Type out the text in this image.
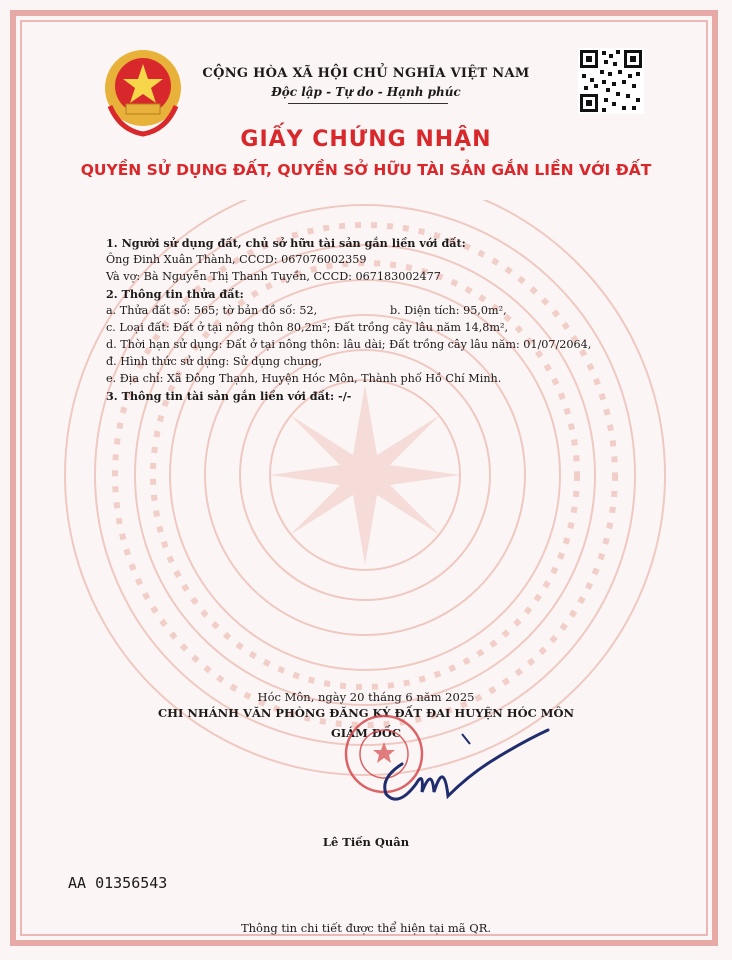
CỘNG HÒA XÃ HỘI CHỦ NGHĨA VIỆT NAM
Độc lập - Tự do - Hạnh phúc
GIẤY CHỨNG NHẬN
QUYỀN SỬ DỤNG ĐẤT, QUYỀN SỞ HỮU TÀI SẢN GẮN LIỀN VỚI ĐẤT
1. Người sử dụng đất, chủ sở hữu tài sản gắn liền với đất:
Ông Đinh Xuân Thành, CCCD: 067076002359
Và vợ: Bà Nguyễn Thị Thanh Tuyền, CCCD: 067183002477
2. Thông tin thửa đất:
a. Thửa đất số: 565; tờ bản đồ số: 52,	b. Diện tích: 95,0m²,
c. Loại đất: Đất ở tại nông thôn 80,2m²; Đất trồng cây lâu năm 14,8m²,
d. Thời hạn sử dụng: Đất ở tại nông thôn: lâu dài; Đất trồng cây lâu năm: 01/07/2064,
đ. Hình thức sử dụng: Sử dụng chung,
e. Địa chỉ: Xã Đông Thạnh, Huyện Hóc Môn, Thành phố Hồ Chí Minh.
3. Thông tin tài sản gắn liền với đất: -/-
Hóc Môn, ngày 20 tháng 6 năm 2025
CHI NHÁNH VĂN PHÒNG ĐĂNG KÝ ĐẤT ĐAI HUYỆN HÓC MÔN
GIÁM ĐỐC
Lê Tiến Quân
AA 01356543
Thông tin chi tiết được thể hiện tại mã QR.
